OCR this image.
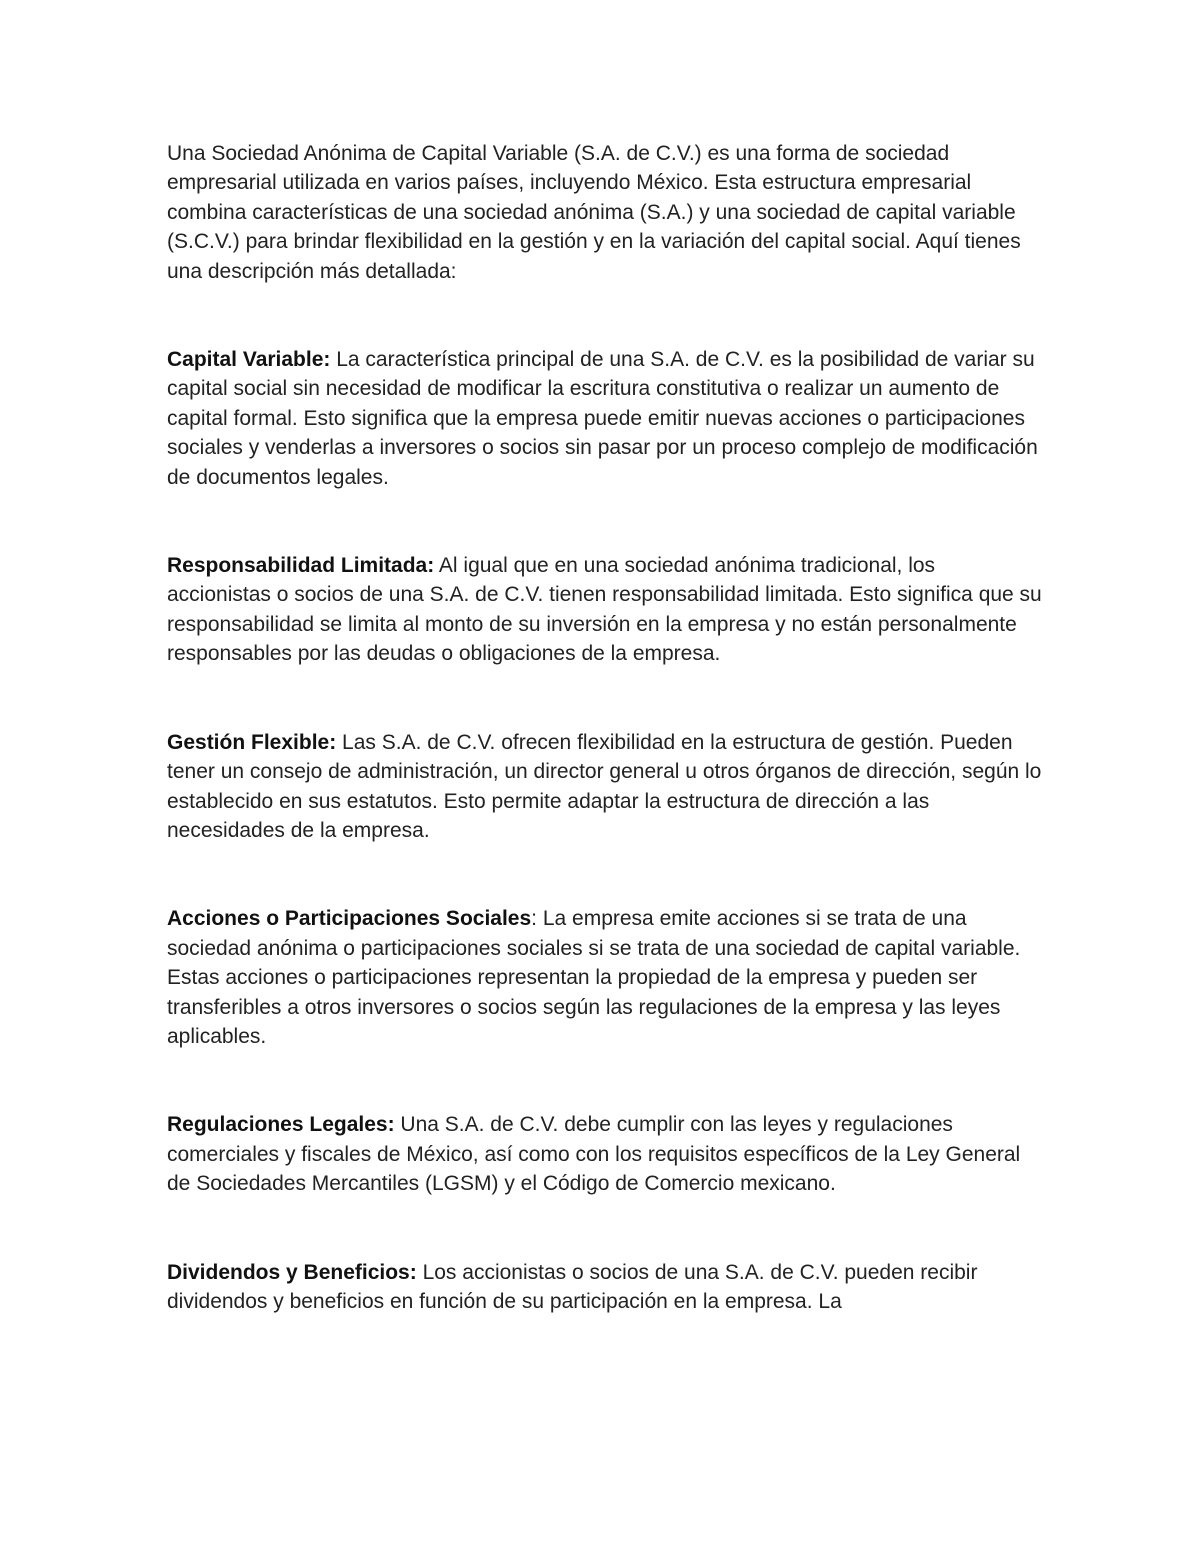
Una Sociedad Anónima de Capital Variable (S.A. de C.V.) es una forma de sociedad empresarial utilizada en varios países, incluyendo México. Esta estructura empresarial combina características de una sociedad anónima (S.A.) y una sociedad de capital variable (S.C.V.) para brindar flexibilidad en la gestión y en la variación del capital social. Aquí tienes una descripción más detallada:

Capital Variable: La característica principal de una S.A. de C.V. es la posibilidad de variar su capital social sin necesidad de modificar la escritura constitutiva o realizar un aumento de capital formal. Esto significa que la empresa puede emitir nuevas acciones o participaciones sociales y venderlas a inversores o socios sin pasar por un proceso complejo de modificación de documentos legales.

Responsabilidad Limitada: Al igual que en una sociedad anónima tradicional, los accionistas o socios de una S.A. de C.V. tienen responsabilidad limitada. Esto significa que su responsabilidad se limita al monto de su inversión en la empresa y no están personalmente responsables por las deudas o obligaciones de la empresa.

Gestión Flexible: Las S.A. de C.V. ofrecen flexibilidad en la estructura de gestión. Pueden tener un consejo de administración, un director general u otros órganos de dirección, según lo establecido en sus estatutos. Esto permite adaptar la estructura de dirección a las necesidades de la empresa.

Acciones o Participaciones Sociales: La empresa emite acciones si se trata de una sociedad anónima o participaciones sociales si se trata de una sociedad de capital variable. Estas acciones o participaciones representan la propiedad de la empresa y pueden ser transferibles a otros inversores o socios según las regulaciones de la empresa y las leyes aplicables.

Regulaciones Legales: Una S.A. de C.V. debe cumplir con las leyes y regulaciones comerciales y fiscales de México, así como con los requisitos específicos de la Ley General de Sociedades Mercantiles (LGSM) y el Código de Comercio mexicano.

Dividendos y Beneficios: Los accionistas o socios de una S.A. de C.V. pueden recibir dividendos y beneficios en función de su participación en la empresa. La
